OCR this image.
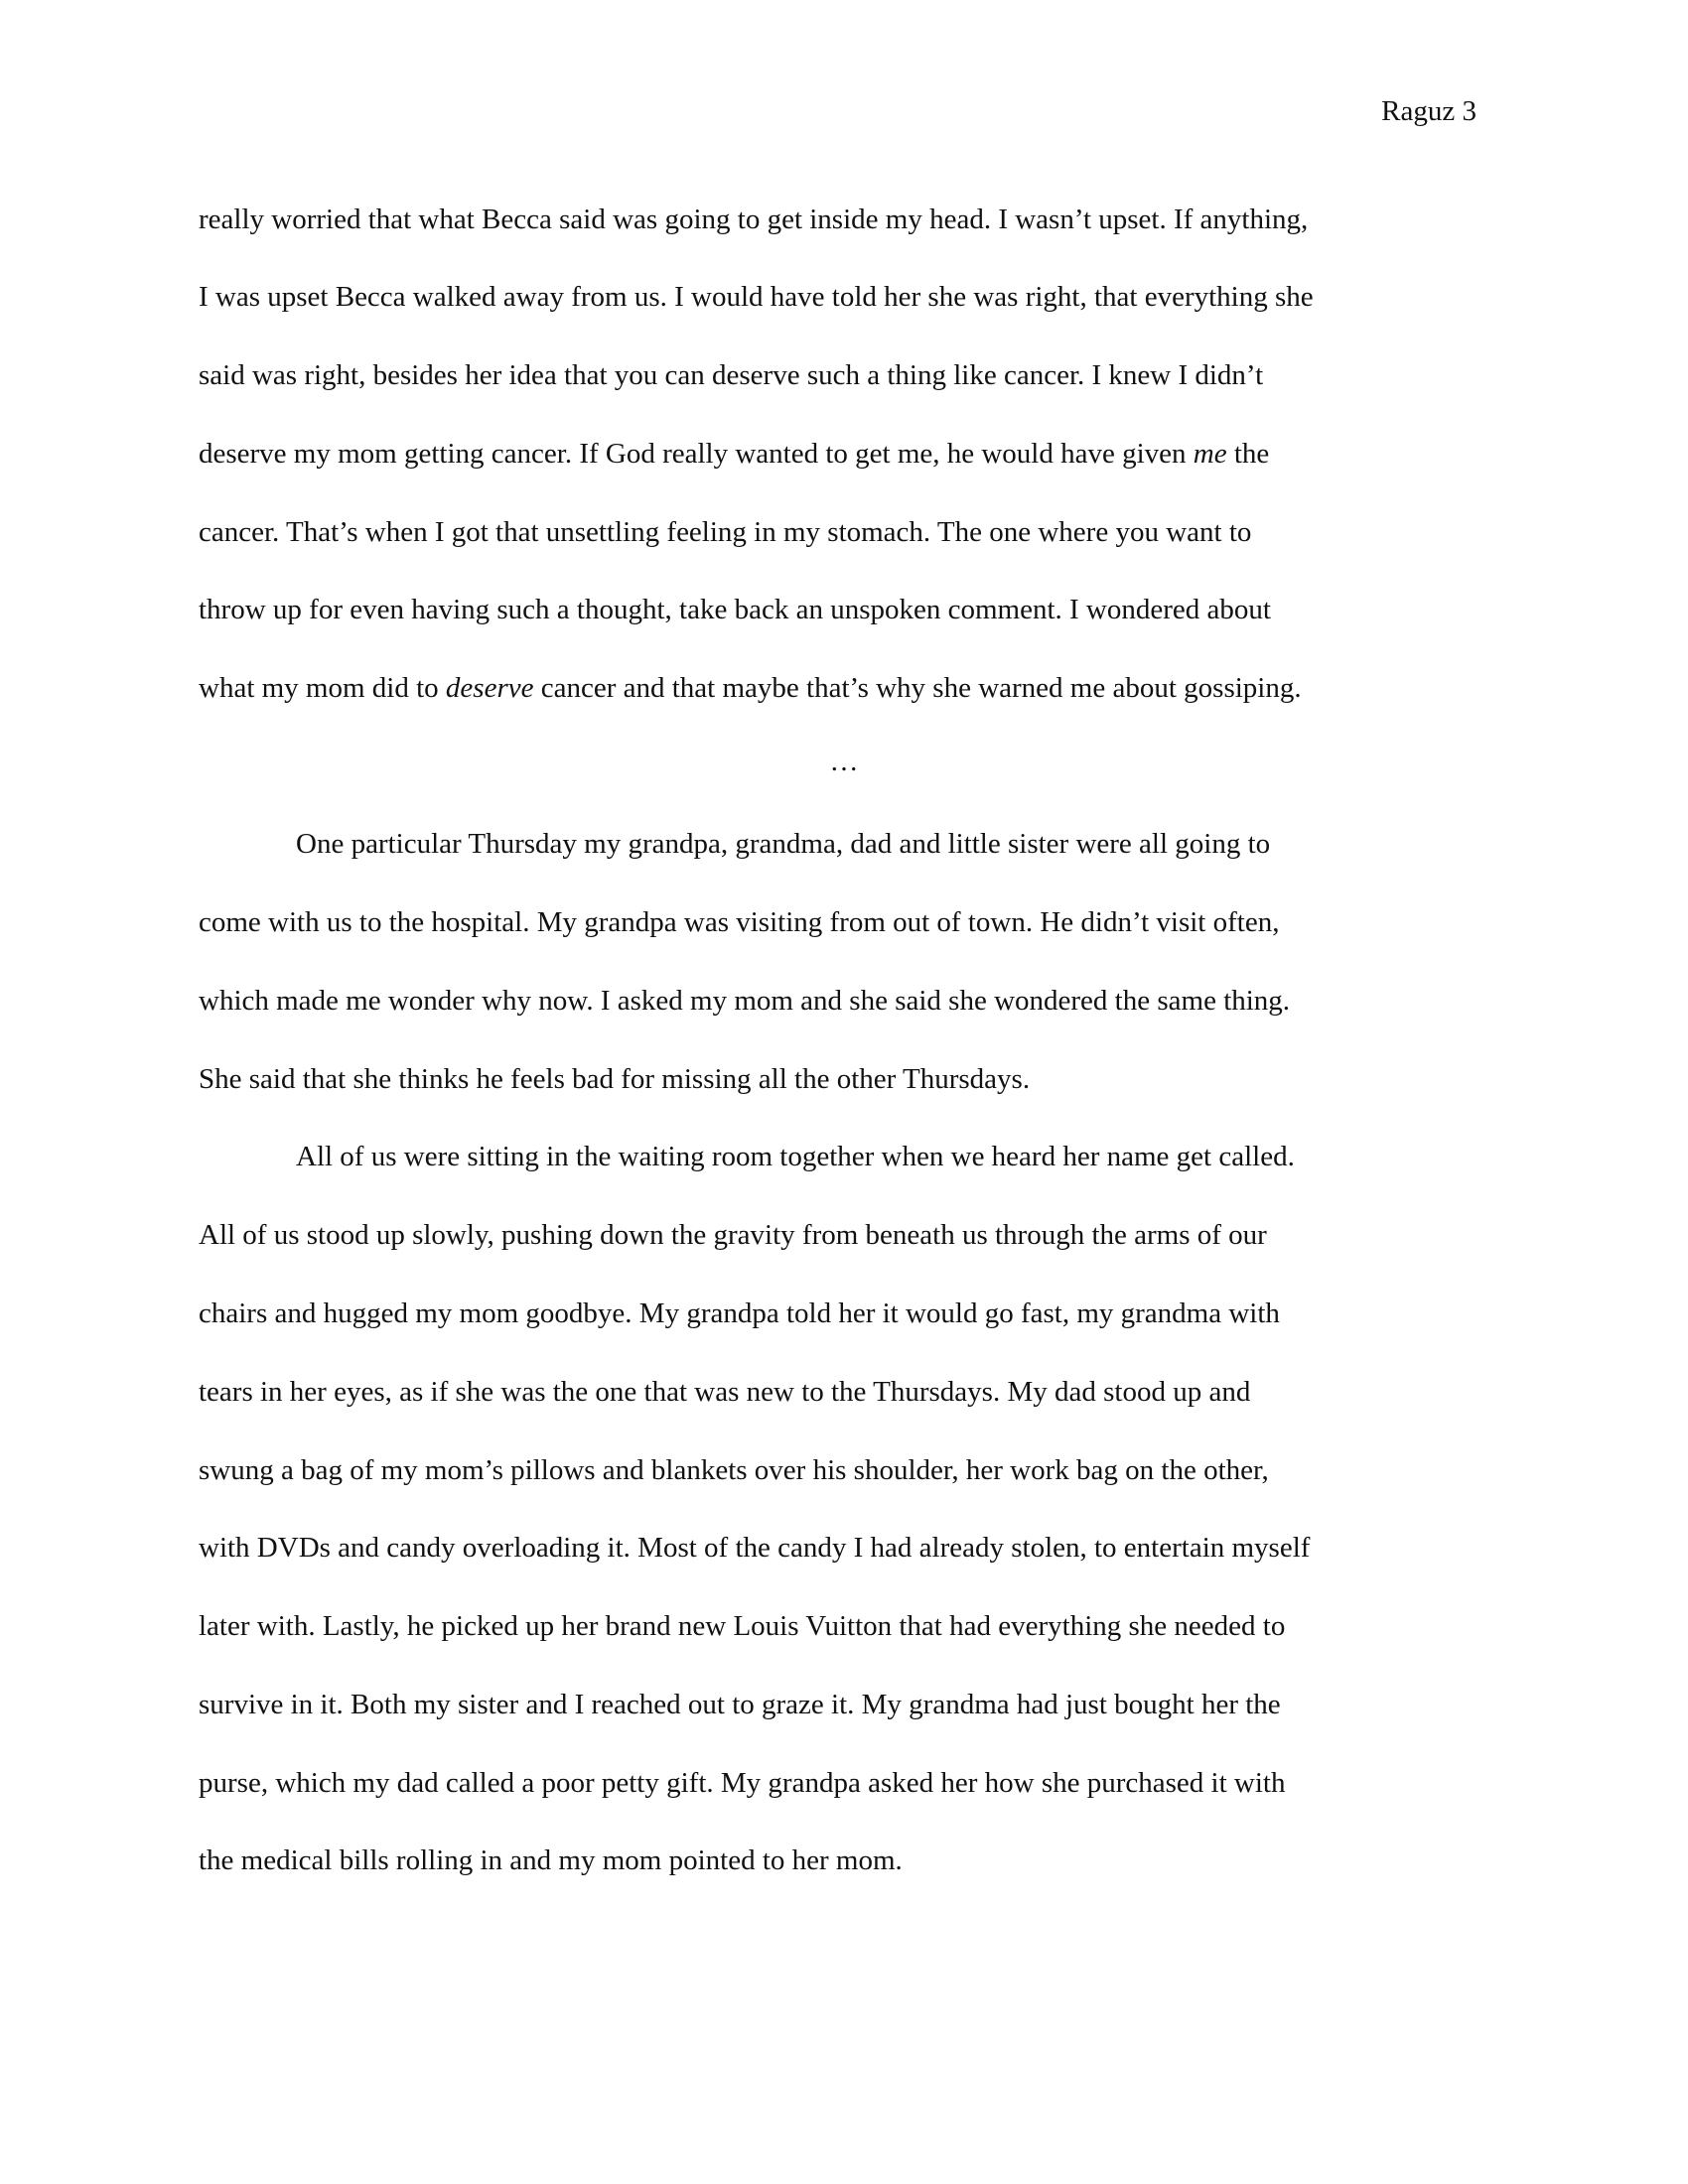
Raguz 3
really worried that what Becca said was going to get inside my head. I wasn’t upset. If anything,
I was upset Becca walked away from us. I would have told her she was right, that everything she
said was right, besides her idea that you can deserve such a thing like cancer. I knew I didn’t
deserve my mom getting cancer. If God really wanted to get me, he would have given me the
cancer. That’s when I got that unsettling feeling in my stomach. The one where you want to
throw up for even having such a thought, take back an unspoken comment. I wondered about
what my mom did to deserve cancer and that maybe that’s why she warned me about gossiping.
…
One particular Thursday my grandpa, grandma, dad and little sister were all going to
come with us to the hospital. My grandpa was visiting from out of town. He didn’t visit often,
which made me wonder why now. I asked my mom and she said she wondered the same thing.
She said that she thinks he feels bad for missing all the other Thursdays.
All of us were sitting in the waiting room together when we heard her name get called.
All of us stood up slowly, pushing down the gravity from beneath us through the arms of our
chairs and hugged my mom goodbye. My grandpa told her it would go fast, my grandma with
tears in her eyes, as if she was the one that was new to the Thursdays. My dad stood up and
swung a bag of my mom’s pillows and blankets over his shoulder, her work bag on the other,
with DVDs and candy overloading it. Most of the candy I had already stolen, to entertain myself
later with. Lastly, he picked up her brand new Louis Vuitton that had everything she needed to
survive in it. Both my sister and I reached out to graze it. My grandma had just bought her the
purse, which my dad called a poor petty gift. My grandpa asked her how she purchased it with
the medical bills rolling in and my mom pointed to her mom.
